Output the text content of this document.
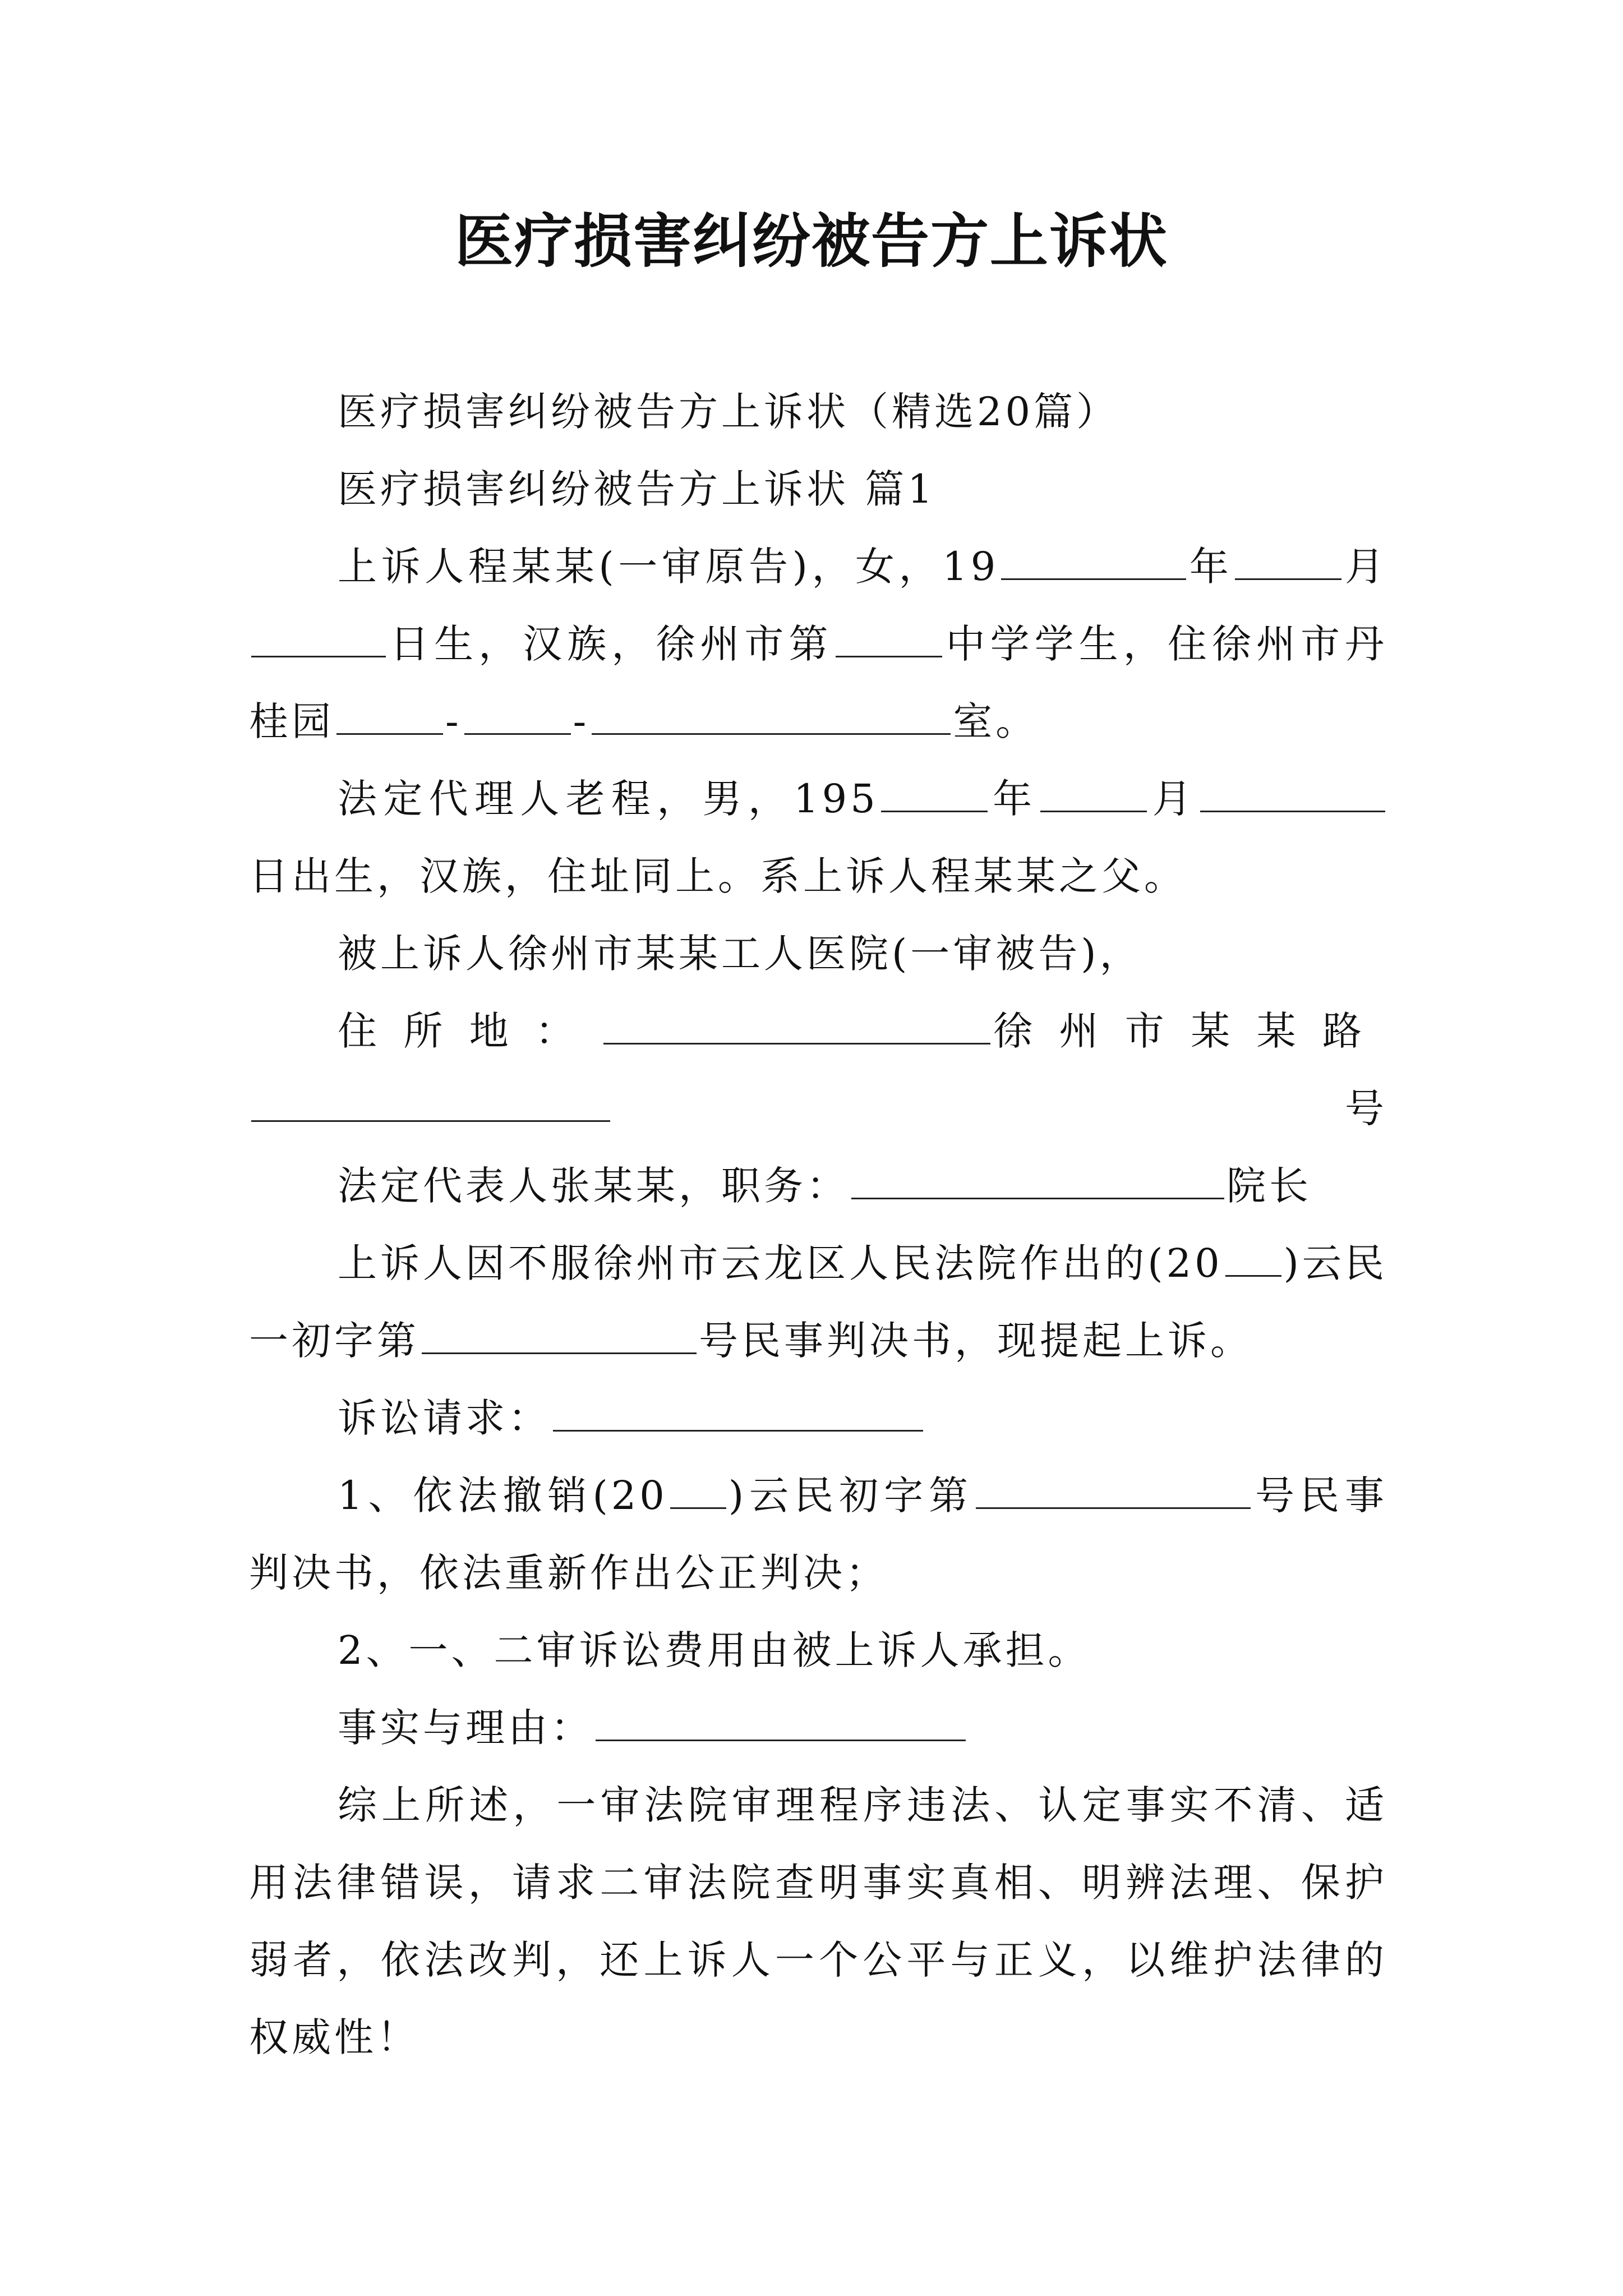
医疗损害纠纷被告方上诉状

医疗损害纠纷被告方上诉状（精选20篇）

医疗损害纠纷被告方上诉状 篇1

上诉人程某某(一审原告)，女，19	年	月日生，汉族，徐州市第	中学学生，住徐州市丹桂园	-	-	室。

法定代理人老程，男，195	年	月日出生，汉族，住址同上。系上诉人程某某之父。

被上诉人徐州市某某工人医院(一审被告)，

住所地：	徐州市某某路号

法定代表人张某某，职务：	院长

上诉人因不服徐州市云龙区人民法院作出的(20 )云民一初字第	号民事判决书，现提起上诉。

诉讼请求：

1、依法撤销(20 )云民初字第	号民事判决书，依法重新作出公正判决；

2、一、二审诉讼费用由被上诉人承担。

事实与理由：

综上所述，一审法院审理程序违法、认定事实不清、适用法律错误，请求二审法院查明事实真相、明辨法理、保护弱者，依法改判，还上诉人一个公平与正义，以维护法律的权威性！
